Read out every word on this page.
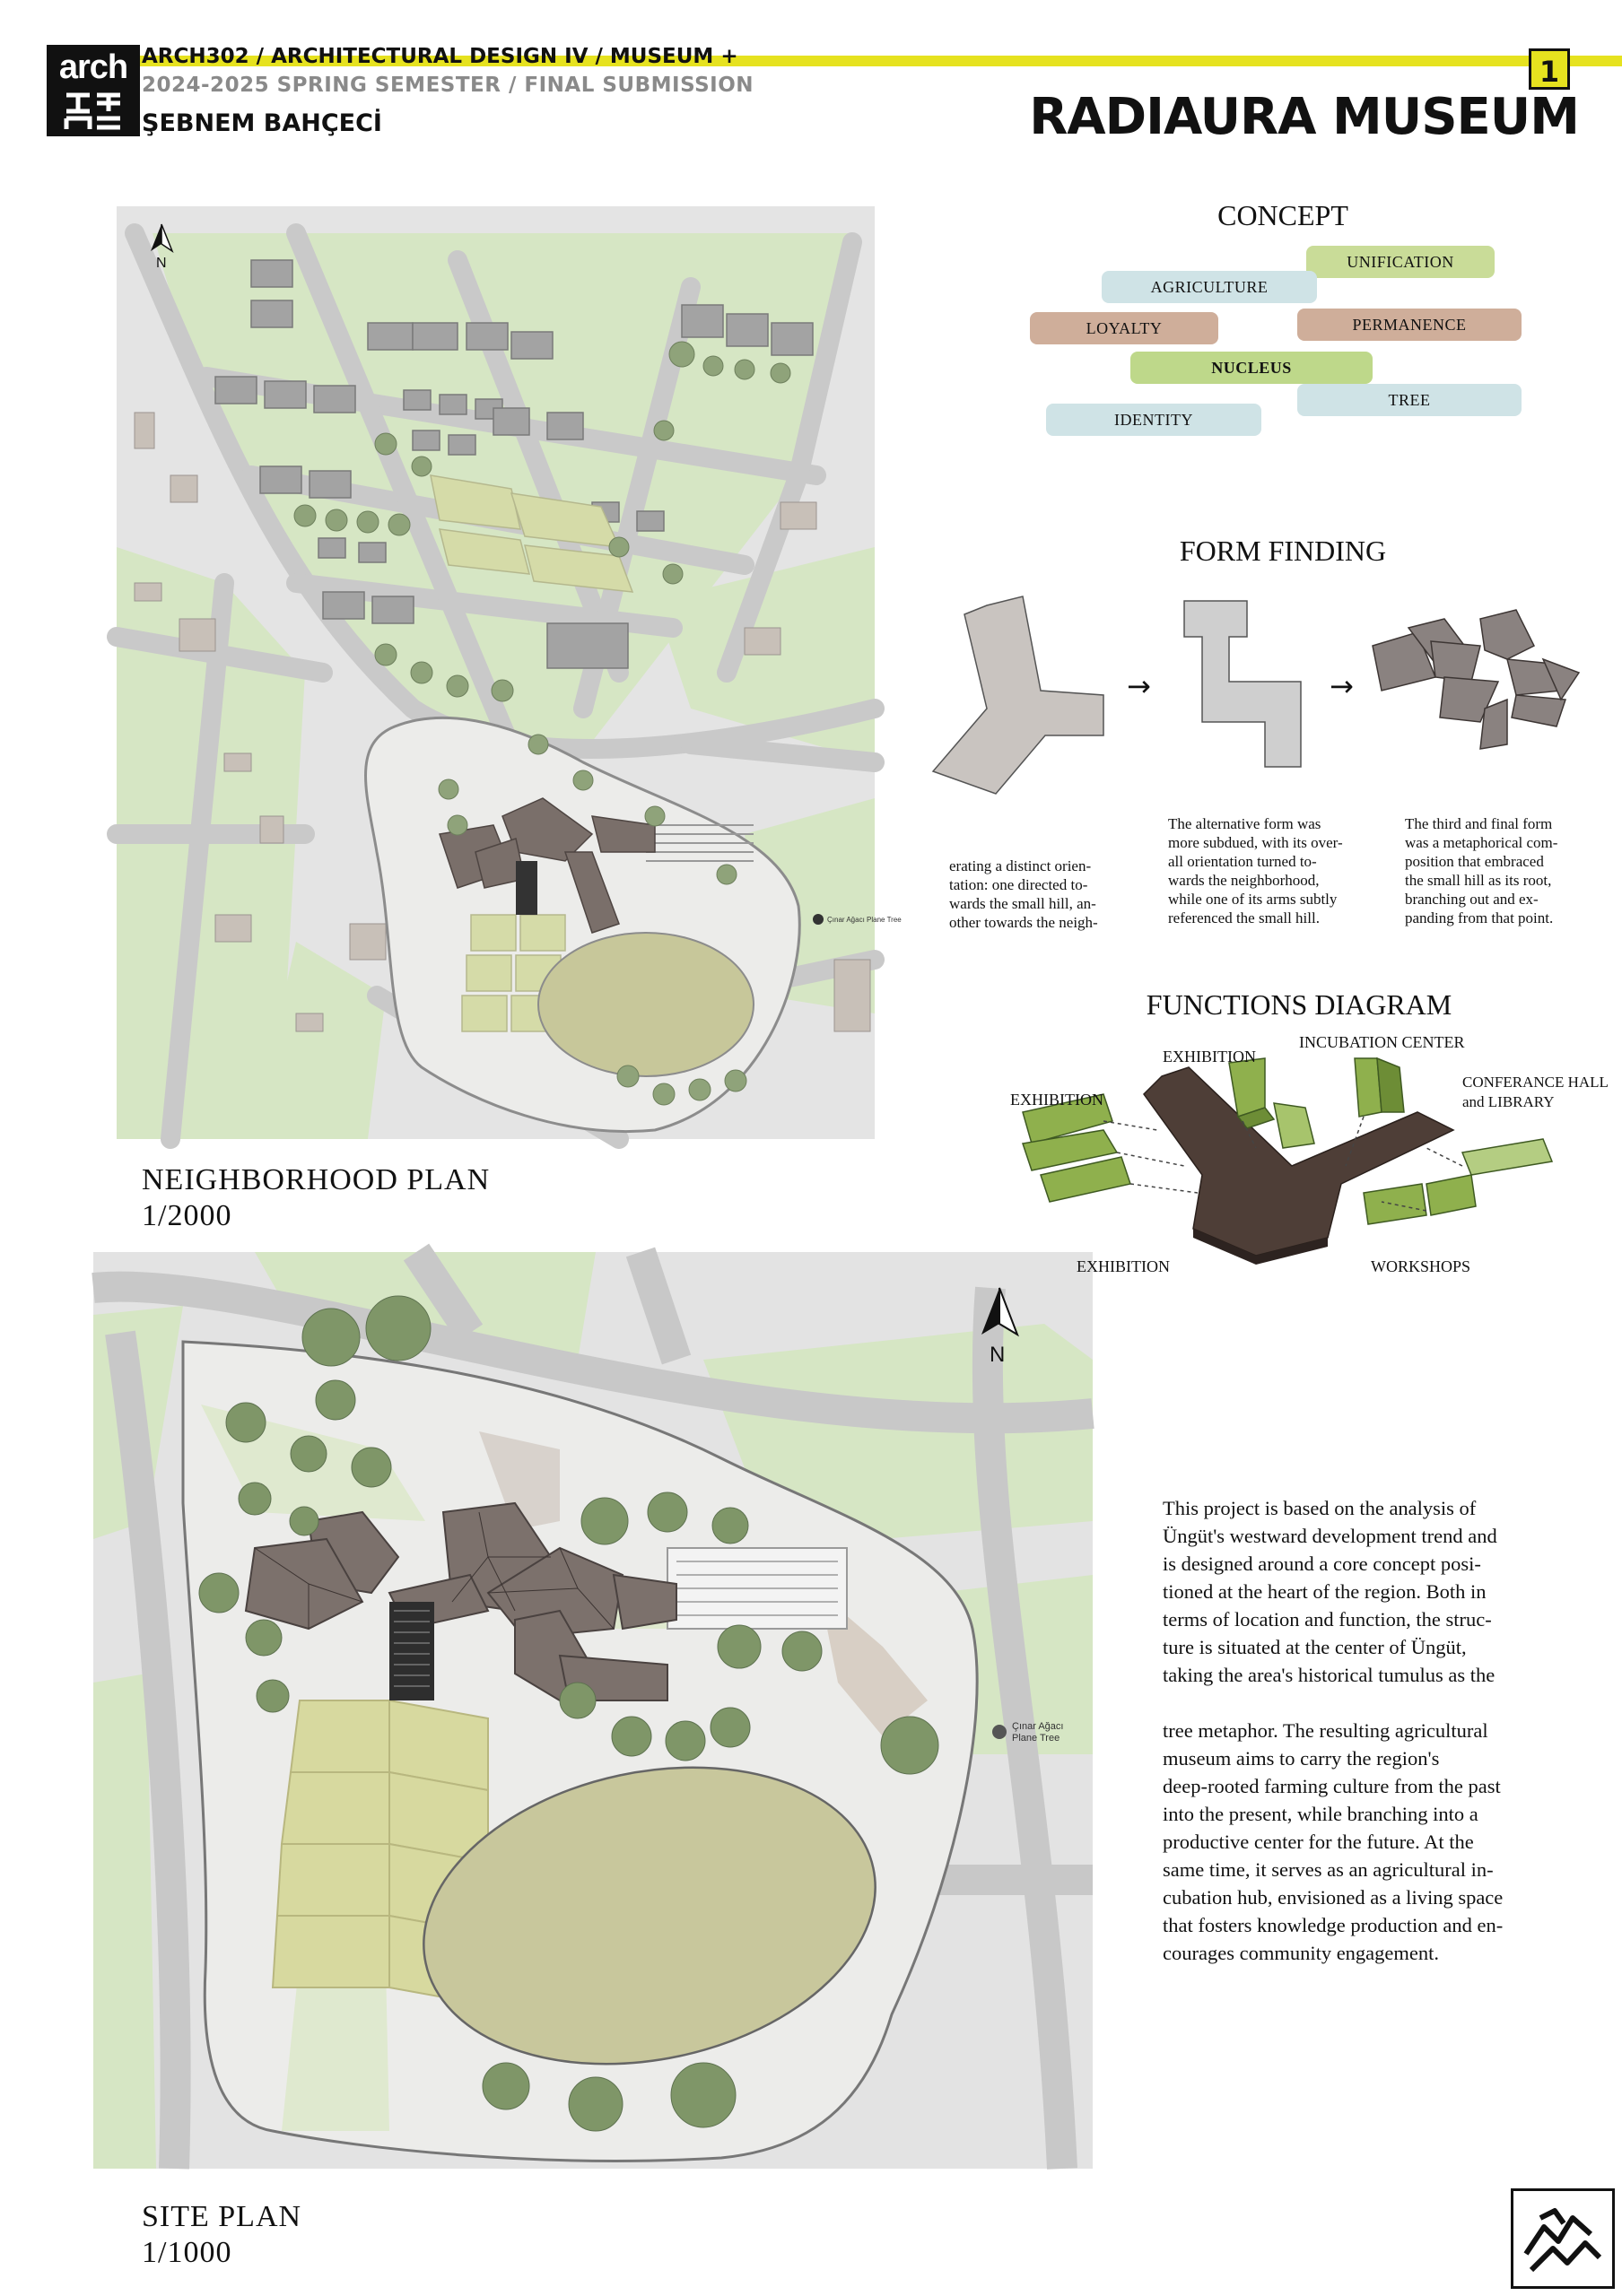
arch ARCH302 / ARCHITECTURAL DESIGN IV / MUSEUM +
2024-2025 SPRING SEMESTER / FINAL SUBMISSION
ŞEBNEM BAHÇECİ
1
RADIAURA MUSEUM
N
Çınar Ağacı Plane Tree
NEIGHBORHOOD PLAN
1/2000
N
Çınar Ağacı
Plane Tree
SITE PLAN
1/1000
CONCEPT
UNIFICATION
AGRICULTURE
LOYALTY	PERMANENCE
NUCLEUS
TREE
IDENTITY
FORM FINDING
→	→
erating a distinct orien-
tation: one directed to-
wards the small hill, an-
other towards the neigh-
The alternative form was
more subdued, with its over-
all orientation turned to-
wards the neighborhood,
while one of its arms subtly
referenced the small hill.
The third and final form
was a metaphorical com-
position that embraced
the small hill as its root,
branching out and ex-
panding from that point.
FUNCTIONS DIAGRAM
EXHIBITION
INCUBATION CENTER
EXHIBITION
CONFERANCE HALL
and LIBRARY
EXHIBITION	WORKSHOPS
This project is based on the analysis of
Üngüt's westward development trend and
is designed around a core concept posi-
tioned at the heart of the region. Both in
terms of location and function, the struc-
ture is situated at the center of Üngüt,
taking the area's historical tumulus as the
tree metaphor. The resulting agricultural
museum aims to carry the region's
deep-rooted farming culture from the past
into the present, while branching into a
productive center for the future. At the
same time, it serves as an agricultural in-
cubation hub, envisioned as a living space
that fosters knowledge production and en-
courages community engagement.
